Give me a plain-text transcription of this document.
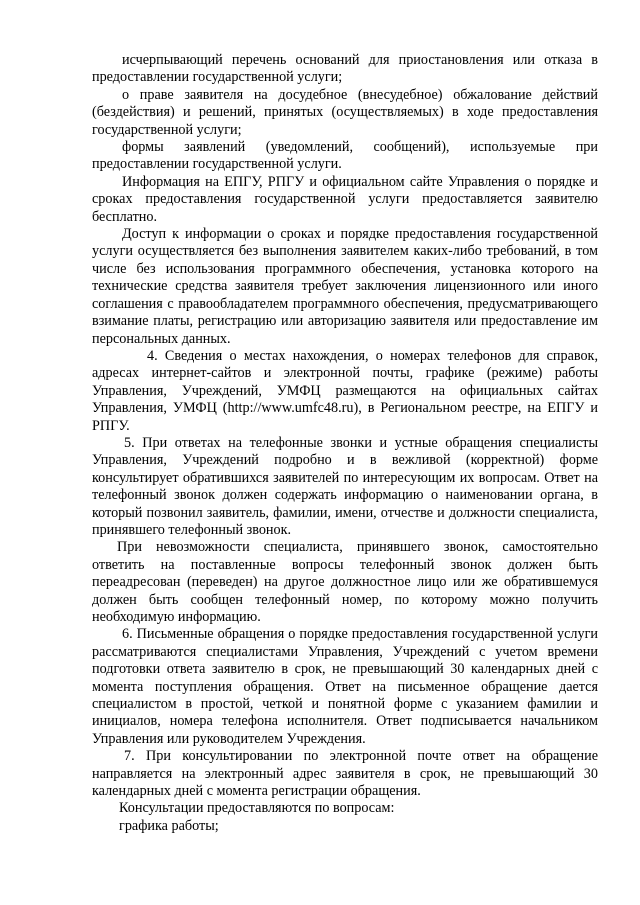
исчерпывающий перечень оснований для приостановления или отказа в предоставлении государственной услуги;

о праве заявителя на досудебное (внесудебное) обжалование действий (бездействия) и решений, принятых (осуществляемых) в ходе предоставления государственной услуги;

формы заявлений (уведомлений, сообщений), используемые при предоставлении государственной услуги.

Информация на ЕПГУ, РПГУ и официальном сайте Управления о порядке и сроках предоставления государственной услуги предоставляется заявителю бесплатно.

Доступ к информации о сроках и порядке предоставления государственной услуги осуществляется без выполнения заявителем каких-либо требований, в том числе без использования программного обеспечения, установка которого на технические средства заявителя требует заключения лицензионного или иного соглашения с правообладателем программного обеспечения, предусматривающего взимание платы, регистрацию или авторизацию заявителя или предоставление им персональных данных.

4. Сведения о местах нахождения, о номерах телефонов для справок, адресах интернет-сайтов и электронной почты, графике (режиме) работы Управления, Учреждений, УМФЦ размещаются на официальных сайтах Управления, УМФЦ (http://www.umfc48.ru), в Региональном реестре, на ЕПГУ и РПГУ.

5. При ответах на телефонные звонки и устные обращения специалисты Управления, Учреждений подробно и в вежливой (корректной) форме консультирует обратившихся заявителей по интересующим их вопросам. Ответ на телефонный звонок должен содержать информацию о наименовании органа, в который позвонил заявитель, фамилии, имени, отчестве и должности специалиста, принявшего телефонный звонок.

При невозможности специалиста, принявшего звонок, самостоятельно ответить на поставленные вопросы телефонный звонок должен быть переадресован (переведен) на другое должностное лицо или же обратившемуся должен быть сообщен телефонный номер, по которому можно получить необходимую информацию.

6. Письменные обращения о порядке предоставления государственной услуги рассматриваются специалистами Управления, Учреждений с учетом времени подготовки ответа заявителю в срок, не превышающий 30 календарных дней с момента поступления обращения. Ответ на письменное обращение дается специалистом в простой, четкой и понятной форме с указанием фамилии и инициалов, номера телефона исполнителя. Ответ подписывается начальником Управления или руководителем Учреждения.

7. При консультировании по электронной почте ответ на обращение направляется на электронный адрес заявителя в срок, не превышающий 30 календарных дней с момента регистрации обращения.

Консультации предоставляются по вопросам:

графика работы;
